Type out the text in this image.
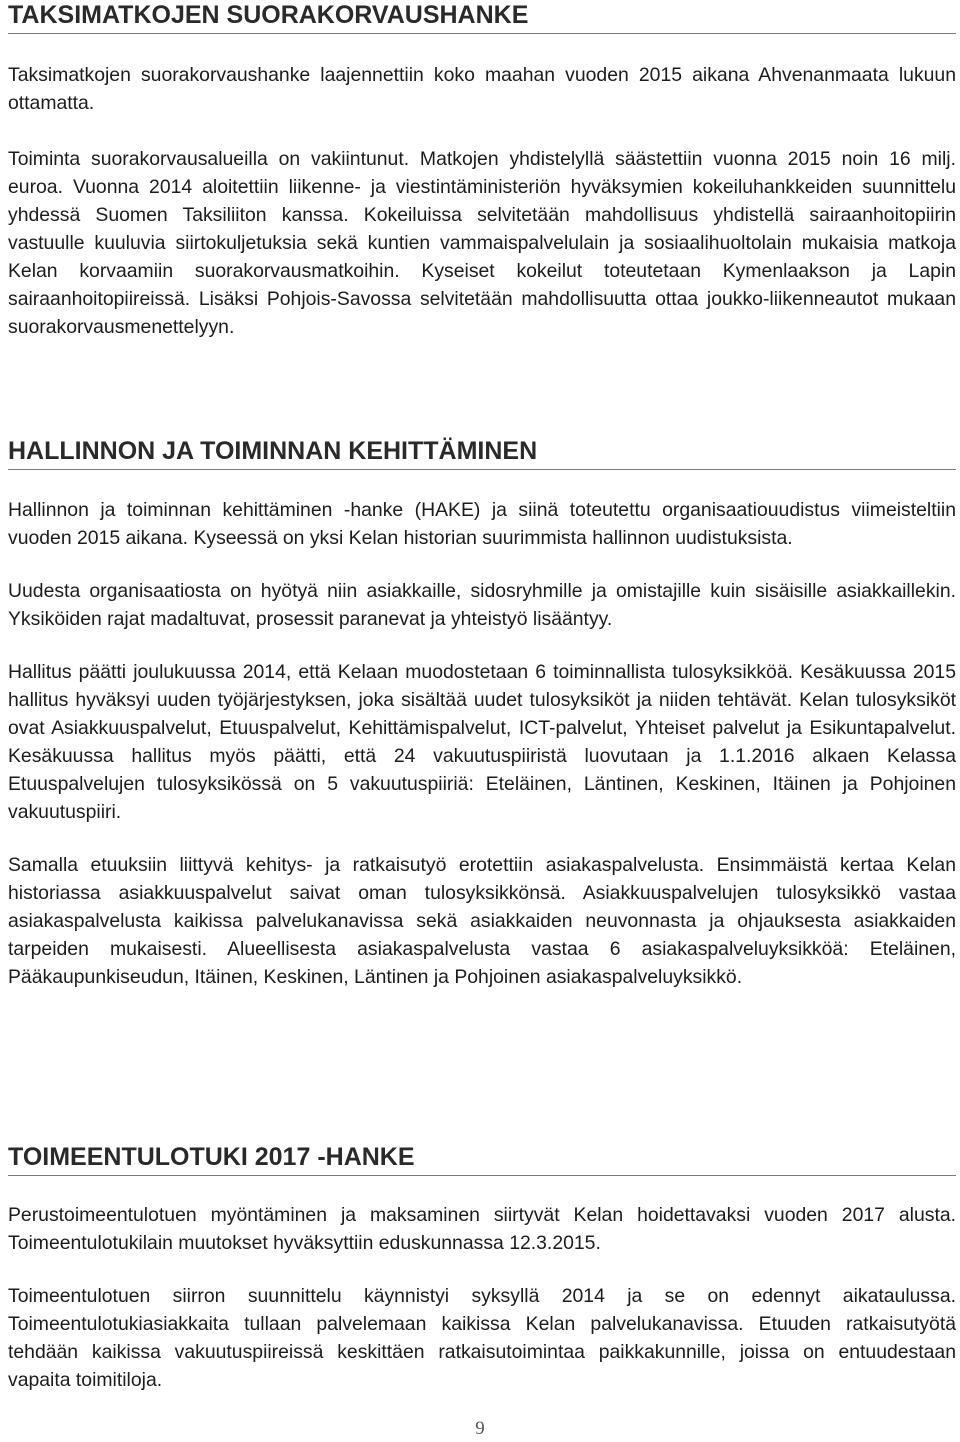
TAKSIMATKOJEN SUORAKORVAUSHANKE

Taksimatkojen suorakorvaushanke laajennettiin koko maahan vuoden 2015 aikana Ahvenanmaata lukuun ottamatta.

Toiminta suorakorvausalueilla on vakiintunut. Matkojen yhdistelyllä säästettiin vuonna 2015 noin 16 milj. euroa. Vuonna 2014 aloitettiin liikenne- ja viestintäministeriön hyväksymien kokeiluhankkeiden suunnittelu yhdessä Suomen Taksiliiton kanssa. Kokeiluissa selvitetään mahdollisuus yhdistellä sairaanhoitopiirin vastuulle kuuluvia siirtokuljetuksia sekä kuntien vammaispalvelulain ja sosiaalihuoltolain mukaisia matkoja Kelan korvaamiin suorakorvausmatkoihin. Kyseiset kokeilut toteutetaan Kymenlaakson ja Lapin sairaanhoitopiireissä. Lisäksi Pohjois-Savossa selvitetään mahdollisuutta ottaa joukko-liikenneautot mukaan suorakorvausmenettelyyn.

HALLINNON JA TOIMINNAN KEHITTÄMINEN

Hallinnon ja toiminnan kehittäminen -hanke (HAKE) ja siinä toteutettu organisaatiouudistus viimeisteltiin vuoden 2015 aikana. Kyseessä on yksi Kelan historian suurimmista hallinnon uudistuksista.

Uudesta organisaatiosta on hyötyä niin asiakkaille, sidosryhmille ja omistajille kuin sisäisille asiakkaillekin. Yksiköiden rajat madaltuvat, prosessit paranevat ja yhteistyö lisääntyy.

Hallitus päätti joulukuussa 2014, että Kelaan muodostetaan 6 toiminnallista tulosyksikköä. Kesäkuussa 2015 hallitus hyväksyi uuden työjärjestyksen, joka sisältää uudet tulosyksiköt ja niiden tehtävät. Kelan tulosyksiköt ovat Asiakkuuspalvelut, Etuuspalvelut, Kehittämispalvelut, ICT-palvelut, Yhteiset palvelut ja Esikuntapalvelut. Kesäkuussa hallitus myös päätti, että 24 vakuutuspiiristä luovutaan ja 1.1.2016 alkaen Kelassa Etuuspalvelujen tulosyksikössä on 5 vakuutuspiiriä: Eteläinen, Läntinen, Keskinen, Itäinen ja Pohjoinen vakuutuspiiri.

Samalla etuuksiin liittyvä kehitys- ja ratkaisutyö erotettiin asiakaspalvelusta. Ensimmäistä kertaa Kelan historiassa asiakkuuspalvelut saivat oman tulosyksikkönsä. Asiakkuuspalvelujen tulosyksikkö vastaa asiakaspalvelusta kaikissa palvelukanavissa sekä asiakkaiden neuvonnasta ja ohjauksesta asiakkaiden tarpeiden mukaisesti. Alueellisesta asiakaspalvelusta vastaa 6 asiakaspalveluyksikköä: Eteläinen, Pääkaupunkiseudun, Itäinen, Keskinen, Läntinen ja Pohjoinen asiakaspalveluyksikkö.

TOIMEENTULOTUKI 2017 -HANKE

Perustoimeentulotuen myöntäminen ja maksaminen siirtyvät Kelan hoidettavaksi vuoden 2017 alusta. Toimeentulotukilain muutokset hyväksyttiin eduskunnassa 12.3.2015.

Toimeentulotuen siirron suunnittelu käynnistyi syksyllä 2014 ja se on edennyt aikataulussa. Toimeentulotukiasiakkaita tullaan palvelemaan kaikissa Kelan palvelukanavissa. Etuuden ratkaisutyötä tehdään kaikissa vakuutuspiireissä keskittäen ratkaisutoimintaa paikkakunnille, joissa on entuudestaan vapaita toimitiloja.

9
